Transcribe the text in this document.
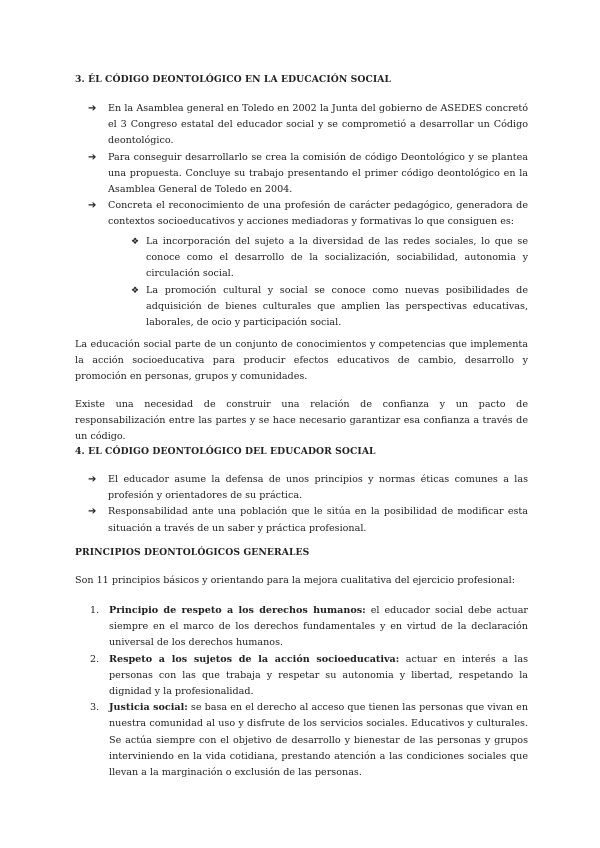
3. ÉL CÓDIGO DEONTOLÓGICO EN LA EDUCACIÓN SOCIAL
➔ En la Asamblea general en Toledo en 2002 la Junta del gobierno de ASEDES concretó el 3 Congreso estatal del educador social y se comprometió a desarrollar un Código deontológico.
➔ Para conseguir desarrollarlo se crea la comisión de código Deontológico y se plantea una propuesta. Concluye su trabajo presentando el primer código deontológico en la Asamblea General de Toledo en 2004.
➔ Concreta el reconocimiento de una profesión de carácter pedagógico, generadora de contextos socioeducativos y acciones mediadoras y formativas lo que consiguen es:
❖ La incorporación del sujeto a la diversidad de las redes sociales, lo que se conoce como el desarrollo de la socialización, sociabilidad, autonomia y circulación social.
❖ La promoción cultural y social se conoce como nuevas posibilidades de adquisición de bienes culturales que amplien las perspectivas educativas, laborales, de ocio y participación social.
La educación social parte de un conjunto de conocimientos y competencias que implementa la acción socioeducativa para producir efectos educativos de cambio, desarrollo y promoción en personas, grupos y comunidades.
Existe una necesidad de construir una relación de confianza y un pacto de responsabilización entre las partes y se hace necesario garantizar esa confianza a través de un código.
4. EL CÓDIGO DEONTOLÓGICO DEL EDUCADOR SOCIAL
➔ El educador asume la defensa de unos principios y normas éticas comunes a las profesión y orientadores de su práctica.
➔ Responsabilidad ante una población que le sitúa en la posibilidad de modificar esta situación a través de un saber y práctica profesional.
PRINCIPIOS DEONTOLÓGICOS GENERALES
Son 11 principios básicos y orientando para la mejora cualitativa del ejercicio profesional:
1. Principio de respeto a los derechos humanos: el educador social debe actuar siempre en el marco de los derechos fundamentales y en virtud de la declaración universal de los derechos humanos.
2. Respeto a los sujetos de la acción socioeducativa: actuar en interés a las personas con las que trabaja y respetar su autonomia y libertad, respetando la dignidad y la profesionalidad.
3. Justicia social: se basa en el derecho al acceso que tienen las personas que vivan en nuestra comunidad al uso y disfrute de los servicios sociales. Educativos y culturales. Se actúa siempre con el objetivo de desarrollo y bienestar de las personas y grupos interviniendo en la vida cotidiana, prestando atención a las condiciones sociales que llevan a la marginación o exclusión de las personas.
